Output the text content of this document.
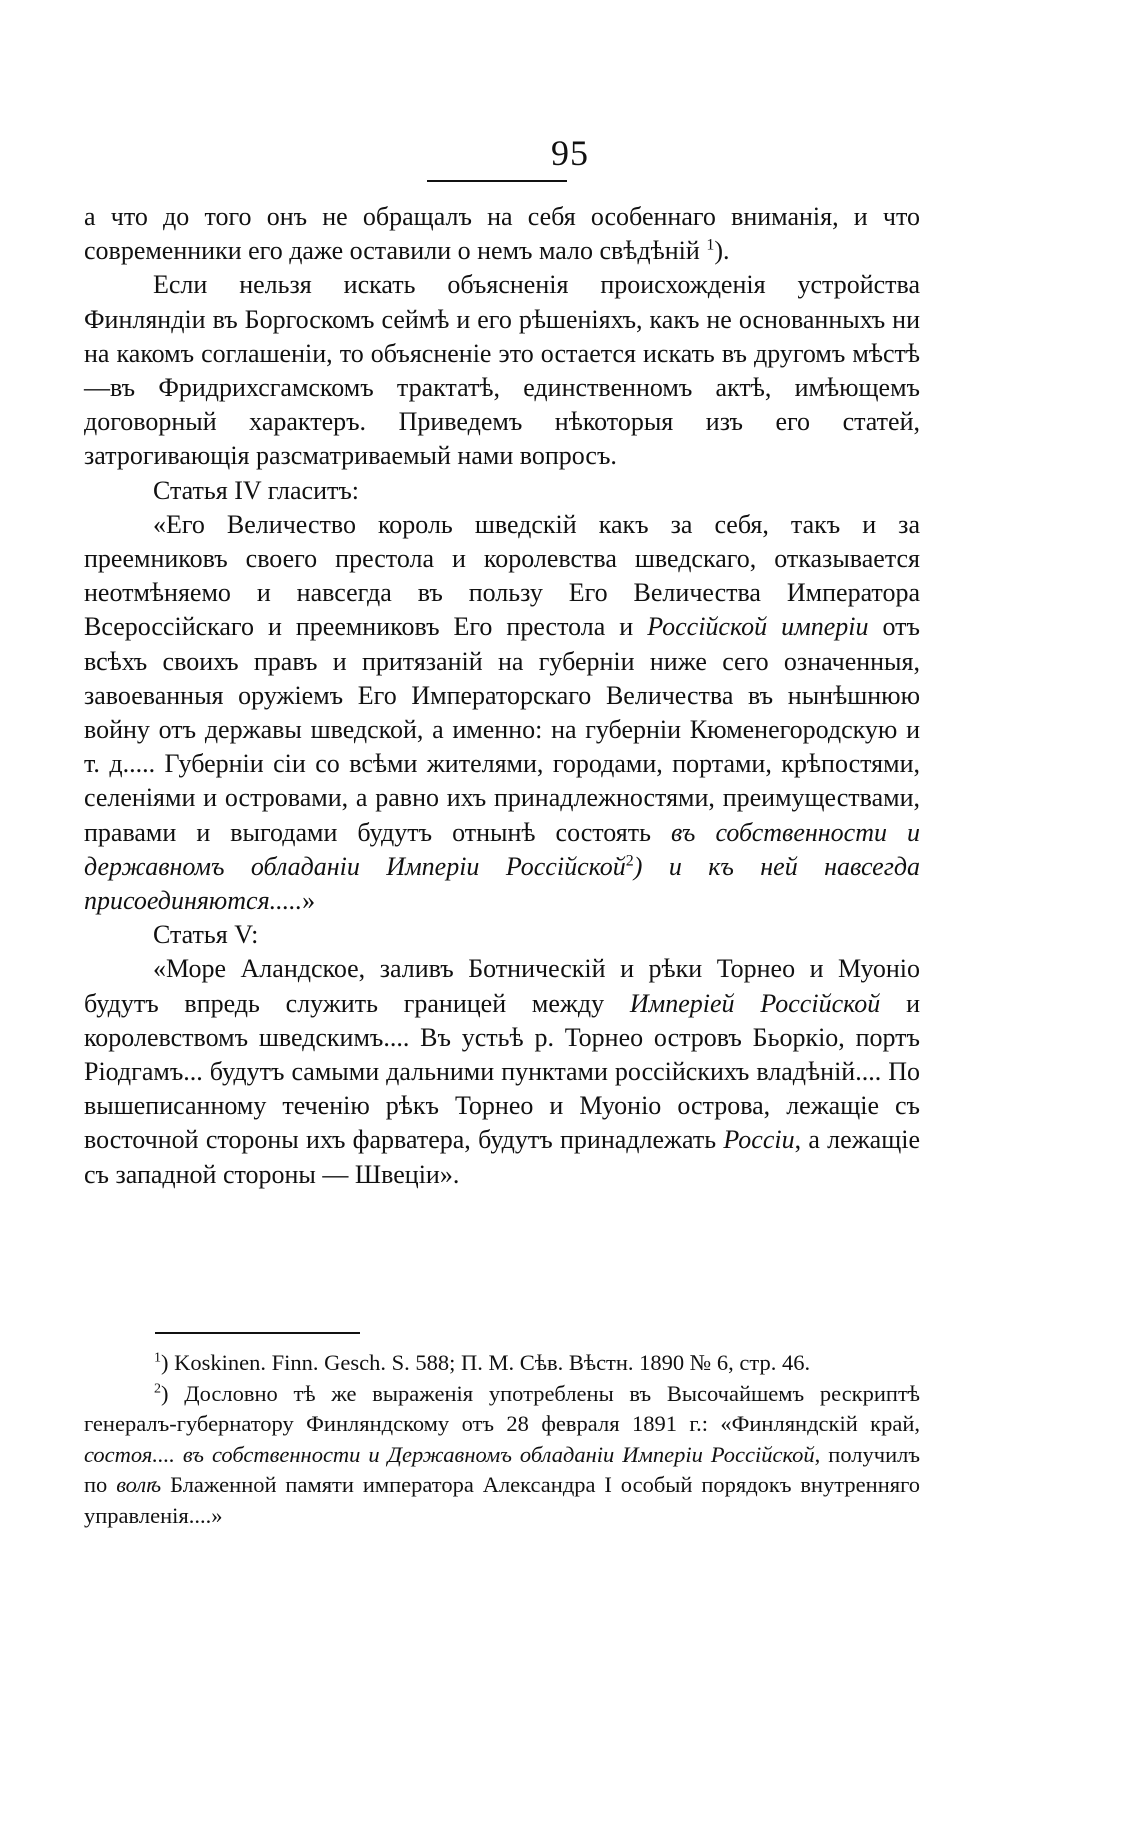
95

а что до того онъ не обращалъ на себя особеннаго вниманія, и что современники его даже оставили о немъ мало свѣдѣній $^1$).

Если нельзя искать объясненія происхожденія устройства Финляндіи въ Боргоскомъ сеймѣ и его рѣшеніяхъ, какъ не основанныхъ ни на какомъ соглашеніи, то объясненіе это остается искать въ другомъ мѣстѣ—въ Фридрихсгамскомъ трактатѣ, единственномъ актѣ, имѣющемъ договорный характеръ. Приведемъ нѣкоторыя изъ его статей, затрогивающія разсматриваемый нами вопросъ.

Статья IV гласитъ:

«Его Величество король шведскій какъ за себя, такъ и за преемниковъ своего престола и королевства шведскаго, отказывается неотмѣняемо и навсегда въ пользу Его Величества Императора Всероссійскаго и преемниковъ Его престола и Россійской имперіи отъ всѣхъ своихъ правъ и притязаній на губерніи ниже сего означенныя, завоеванныя оружіемъ Его Императорскаго Величества въ нынѣшнюю войну отъ державы шведской, а именно: на губерніи Кюменегородскую и т. д..... Губерніи сіи со всѣми жителями, городами, портами, крѣпостями, селеніями и островами, а равно ихъ принадлежностями, преимуществами, правами и выгодами будутъ отнынѣ состоять въ собственности и державномъ обладаніи Имперіи Россійской$^2$) и къ ней навсегда присоединяются.....»

Статья V:

«Море Аландское, заливъ Ботническій и рѣки Торнео и Муоніо будутъ впредь служить границей между Имперіей Россійской и королевствомъ шведскимъ.... Въ устьѣ р. Торнео островъ Бьоркіо, портъ Ріодгамъ... будутъ самыми дальними пунктами россійскихъ владѣній.... По вышеписанному теченію рѣкъ Торнео и Муоніо острова, лежащіе съ восточной стороны ихъ фарватера, будутъ принадлежать Россіи, а лежащіе съ западной стороны — Швеціи».

$^1$) Koskinen. Finn. Gesch. S. 588; П. М. Сѣв. Вѣстн. 1890 № 6, стр. 46.

$^2$) Дословно тѣ же выраженія употреблены въ Высочайшемъ рескриптѣ генералъ-губернатору Финляндскому отъ 28 февраля 1891 г.: «Финляндскій край, состоя.... въ собственности и Державномъ обладаніи Имперіи Россійской, получилъ по волѣ Блаженной памяти императора Александра I особый порядокъ внутренняго управленія....»
